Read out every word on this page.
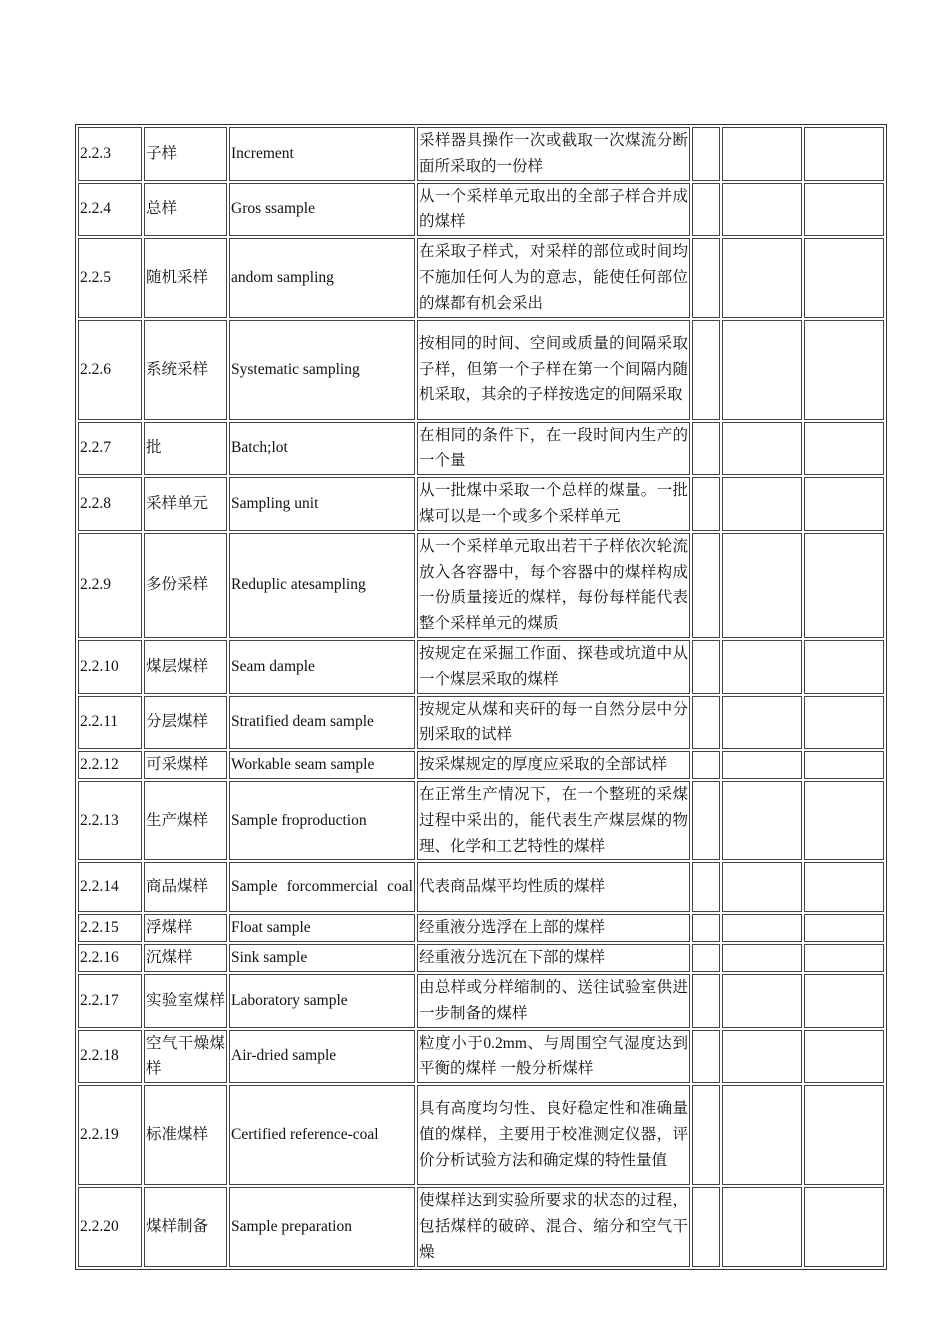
2.2.3	子样	Increment	采样器具操作一次或截取一次煤流分断面所采取的一份样			
2.2.4	总样	Gros ssample	从一个采样单元取出的全部子样合并成的煤样			
2.2.5	随机采样	andom sampling	在采取子样式，对采样的部位或时间均不施加任何人为的意志，能使任何部位的煤都有机会采出			
2.2.6	系统采样	Systematic sampling	按相同的时间、空间或质量的间隔采取子样，但第一个子样在第一个间隔内随机采取，其余的子样按选定的间隔采取			
2.2.7	批	Batch;lot	在相同的条件下，在一段时间内生产的一个量			
2.2.8	采样单元	Sampling unit	从一批煤中采取一个总样的煤量。一批煤可以是一个或多个采样单元			
2.2.9	多份采样	Reduplic atesampling	从一个采样单元取出若干子样依次轮流放入各容器中，每个容器中的煤样构成一份质量接近的煤样，每份每样能代表整个采样单元的煤质			
2.2.10	煤层煤样	Seam dample	按规定在采掘工作面、探巷或坑道中从一个煤层采取的煤样			
2.2.11	分层煤样	Stratified deam sample	按规定从煤和夹矸的每一自然分层中分别采取的试样			
2.2.12	可采煤样	Workable seam sample	按采煤规定的厚度应采取的全部试样			
2.2.13	生产煤样	Sample froproduction	在正常生产情况下，在一个整班的采煤过程中采出的，能代表生产煤层煤的物理、化学和工艺特性的煤样			
2.2.14	商品煤样	Sample forcommercial coal	代表商品煤平均性质的煤样			
2.2.15	浮煤样	Float sample	经重液分选浮在上部的煤样			
2.2.16	沉煤样	Sink sample	经重液分选沉在下部的煤样			
2.2.17	实验室煤样	Laboratory sample	由总样或分样缩制的、送往试验室供进一步制备的煤样			
2.2.18	空气干燥煤样	Air-dried sample	粒度小于0.2mm、与周围空气湿度达到平衡的煤样 一般分析煤样			
2.2.19	标准煤样	Certified reference-coal	具有高度均匀性、良好稳定性和准确量值的煤样，主要用于校准测定仪器，评价分析试验方法和确定煤的特性量值			
2.2.20	煤样制备	Sample preparation	使煤样达到实验所要求的状态的过程，包括煤样的破碎、混合、缩分和空气干燥			
